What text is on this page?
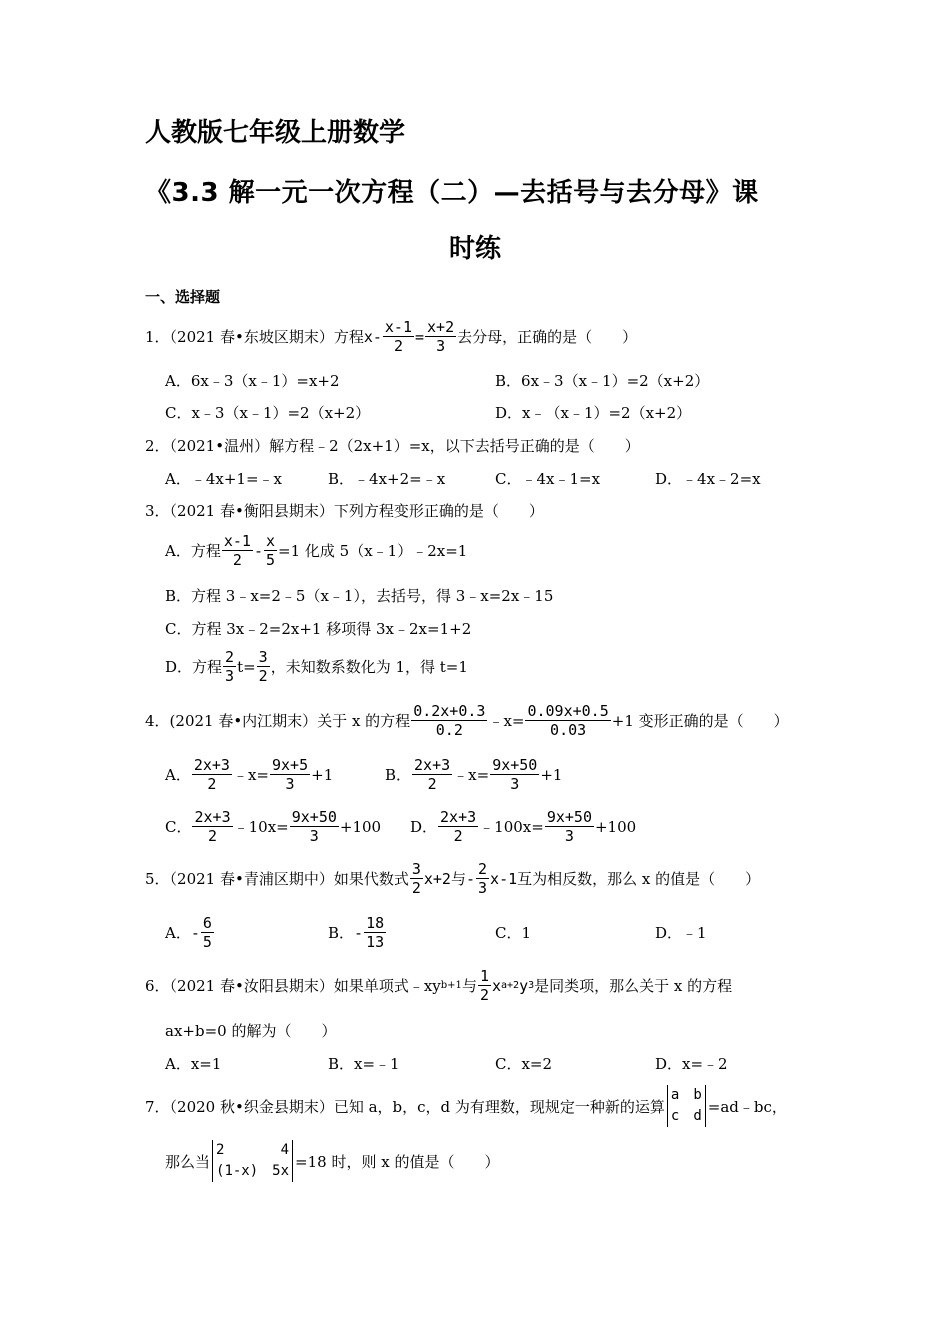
人教版七年级上册数学
《3.3 解一元一次方程（二）—去括号与去分母》课
时练
一、选择题
1．（2021 春•东坡区期末）方程 $x - \frac{x-1}{2} = \frac{x+2}{3}$ 去分母，正确的是（　　）
A．6x﹣3（x﹣1）=x+2	B．6x﹣3（x﹣1）=2（x+2）
C．x﹣3（x﹣1）=2（x+2）	D．x﹣（x﹣1）=2（x+2）
2．（2021•温州）解方程﹣2（2x+1）=x，以下去括号正确的是（　　）
A．﹣4x+1=﹣x	B．﹣4x+2=﹣x	C．﹣4x﹣1=x	D．﹣4x﹣2=x
3．（2021 春•衡阳县期末）下列方程变形正确的是（　　）
A．方程 $\frac{x-1}{2} - \frac{x}{5} =1$ 化成 5（x﹣1）﹣2x=1
B．方程 3﹣x=2﹣5（x﹣1），去括号，得 3﹣x=2x﹣15
C．方程 3x﹣2=2x+1 移项得 3x﹣2x=1+2
D．方程 $\frac{2}{3} t= \frac{3}{2}$ ，未知数系数化为 1，得 t=1
4．(2021 春•内江期末）关于 x 的方程 $\frac{0.2x+0.3}{0.2}$ ﹣x= $\frac{0.09x+0.5}{0.03} +1$ 变形正确的是（　　）
A． $\frac{2x+3}{2}$ ﹣x= $\frac{9x+5}{3} +1$	B． $\frac{2x+3}{2}$ ﹣x= $\frac{9x+50}{3} +1$
C． $\frac{2x+3}{2}$ ﹣10x= $\frac{9x+50}{3} +100$ D． $\frac{2x+3}{2}$ ﹣100x= $\frac{9x+50}{3} +100$
5．（2021 春•青浦区期中）如果代数式 $\frac{3}{2} x+2$ 与 - $\frac{2}{3} x-1$ 互为相反数，那么 x 的值是（　　）
A． - $\frac{6}{5}$	B． - $\frac{18}{13}$	C．1	D．﹣1
6．（2021 春•汝阳县期末）如果单项式﹣xy b+1 与 $\frac{1}{2}$ x a+2 y 3 是同类项，那么关于 x 的方程
ax+b=0 的解为（　　）
A．x=1	B．x=﹣1	C．x=2	D．x=﹣2
7．（2020 秋•织金县期末）已知 a，b，c，d 为有理数，现规定一种新的运算
a b
c d
=ad﹣bc，
那么当
2	4
(1-x) 5x
=18 时，则 x 的值是（　　）
